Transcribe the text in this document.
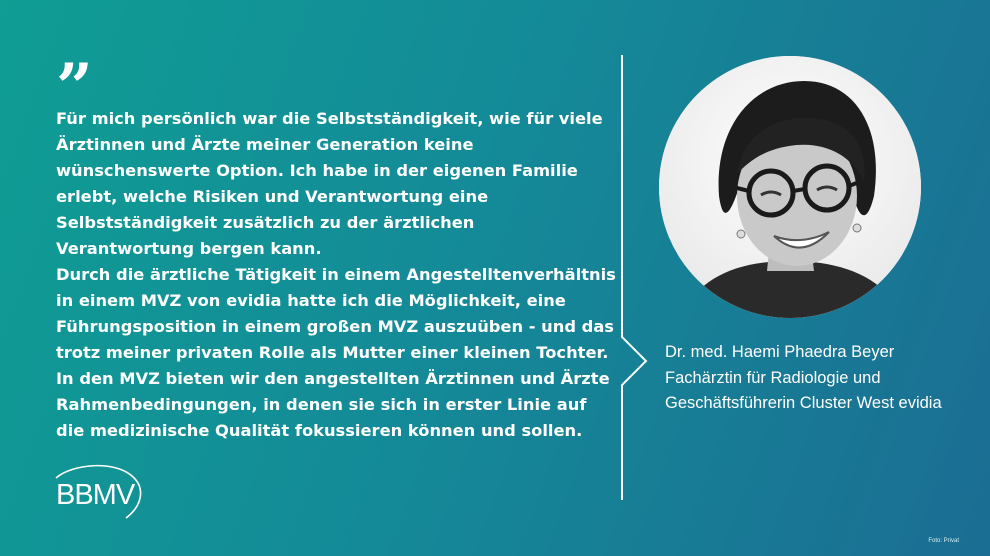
”

Für mich persönlich war die Selbstständigkeit, wie für viele Ärztinnen und Ärzte meiner Generation keine wünschenswerte Option. Ich habe in der eigenen Familie erlebt, welche Risiken und Verantwortung eine Selbstständigkeit zusätzlich zu der ärztlichen Verantwortung bergen kann.

Durch die ärztliche Tätigkeit in einem Angestelltenverhältnis in einem MVZ von evidia hatte ich die Möglichkeit, eine Führungsposition in einem großen MVZ auszuüben - und das trotz meiner privaten Rolle als Mutter einer kleinen Tochter. In den MVZ bieten wir den angestellten Ärztinnen und Ärzte Rahmenbedingungen, in denen sie sich in erster Linie auf die medizinische Qualität fokussieren können und sollen.

Dr. med. Haemi Phaedra Beyer
Fachärztin für Radiologie und
Geschäftsführerin Cluster West evidia
BBMV
Foto: Privat
